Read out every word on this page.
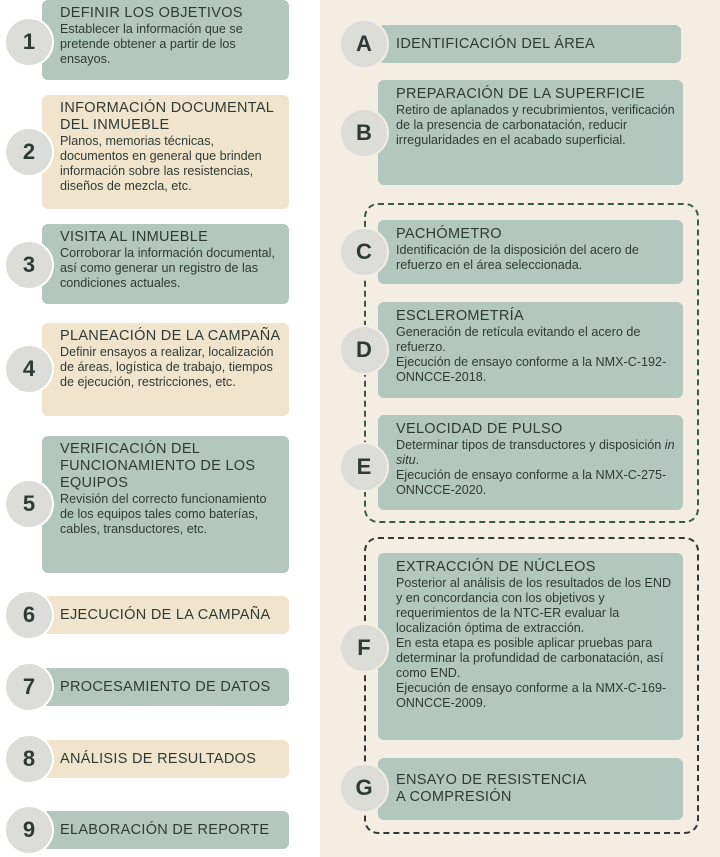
DEFINIR LOS OBJETIVOS
Establecer la información que se pretende obtener a partir de los ensayos.
1
INFORMACIÓN DOCUMENTAL DEL INMUEBLE
Planos, memorias técnicas, documentos en general que brinden información sobre las resistencias, diseños de mezcla, etc.
2
VISITA AL INMUEBLE
Corroborar la información documental, así como generar un registro de las condiciones actuales.
3
PLANEACIÓN DE LA CAMPAÑA
Definir ensayos a realizar, localización de áreas, logística de trabajo, tiempos de ejecución, restricciones, etc.
4
VERIFICACIÓN DEL FUNCIONAMIENTO DE LOS EQUIPOS
Revisión del correcto funcionamiento de los equipos tales como baterías, cables, transductores, etc.
5
EJECUCIÓN DE LA CAMPAÑA
6
PROCESAMIENTO DE DATOS
7
ANÁLISIS DE RESULTADOS
8
ELABORACIÓN DE REPORTE
9
IDENTIFICACIÓN DEL ÁREA
A
PREPARACIÓN DE LA SUPERFICIE
Retiro de aplanados y recubrimientos, verificación de la presencia de carbonatación, reducir irregularidades en el acabado superficial.
B
PACHÓMETRO
Identificación de la disposición del acero de refuerzo en el área seleccionada.
C
ESCLEROMETRÍA
Generación de retícula evitando el acero de refuerzo.
Ejecución de ensayo conforme a la NMX-C-192-ONNCCE-2018.
D
VELOCIDAD DE PULSO
Determinar tipos de transductores y disposición in situ.
Ejecución de ensayo conforme a la NMX-C-275-ONNCCE-2020.
E
EXTRACCIÓN DE NÚCLEOS
Posterior al análisis de los resultados de los END y en concordancia con los objetivos y requerimientos de la NTC-ER evaluar la localización óptima de extracción.
En esta etapa es posible aplicar pruebas para determinar la profundidad de carbonatación, así como END.
Ejecución de ensayo conforme a la NMX-C-169-ONNCCE-2009.
F
ENSAYO DE RESISTENCIA A COMPRESIÓN
G
